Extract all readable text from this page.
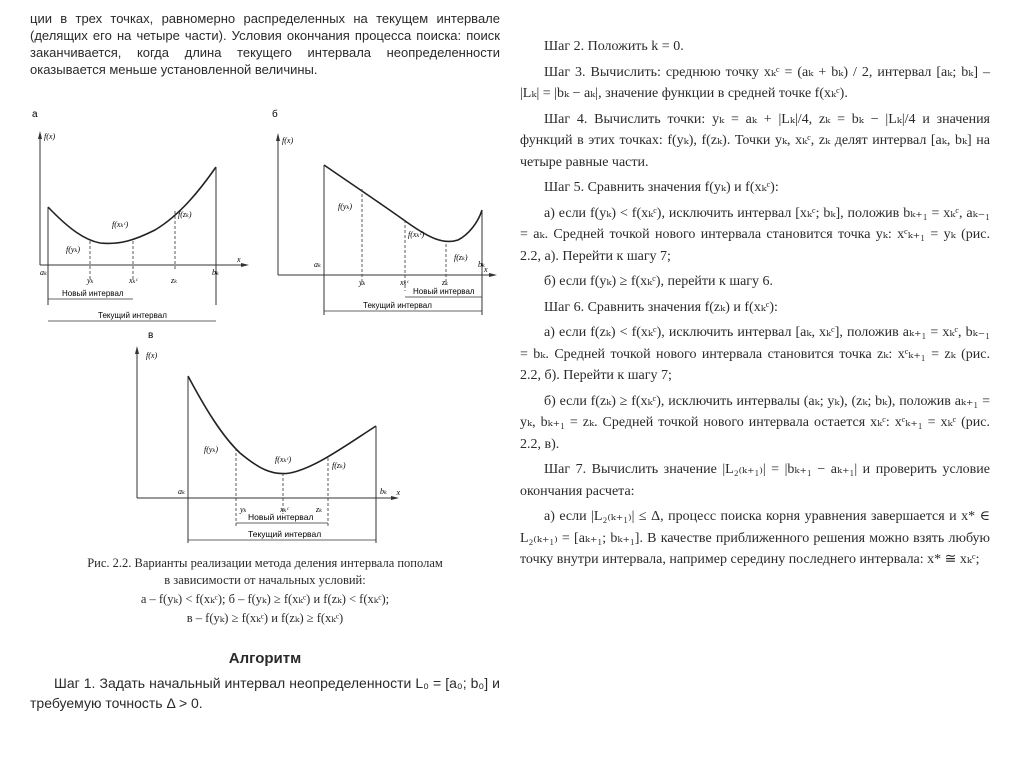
ции в трех точках, равномерно распределенных на текущем интервале (делящих его на четыре части). Условия окончания процесса поиска: поиск заканчивается, когда длина текущего интервала неопределенности оказывается меньше установленной величины.

а
f(x)
x
aₖ
yₖ	xₖᶜ	zₖ
bₖ
f(yₖ)
f(xₖᶜ)
f(zₖ)
Новый интервал
Текущий интервал
б
f(x)
x
aₖ
yₖ	xₖᶜ	zₖ
bₖ
f(yₖ)
f(xₖᶜ)
f(zₖ)
Новый интервал
Текущий интервал
в
f(x)
x
aₖ
yₖ	xₖᶜ	zₖ
bₖ
f(yₖ)
f(xₖᶜ)
f(zₖ)
Новый интервал
Текущий интервал
Рис. 2.2. Варианты реализации метода деления интервала пополам
в зависимости от начальных условий:
а – f(yₖ) < f(xₖᶜ); б – f(yₖ) ≥ f(xₖᶜ) и f(zₖ) < f(xₖᶜ);
в – f(yₖ) ≥ f(xₖᶜ) и f(zₖ) ≥ f(xₖᶜ)
Алгоритм

Шаг 1. Задать начальный интервал неопределенности L₀ = [a₀; b₀] и требуемую точность Δ > 0.

Шаг 2. Положить k = 0.

Шаг 3. Вычислить: среднюю точку xₖᶜ = (aₖ + bₖ) / 2, интервал [aₖ; bₖ] – |Lₖ| = |bₖ − aₖ|, значение функции в средней точке f(xₖᶜ).

Шаг 4. Вычислить точки: yₖ = aₖ + |Lₖ|/4, zₖ = bₖ − |Lₖ|/4 и значения функций в этих точках: f(yₖ), f(zₖ). Точки yₖ, xₖᶜ, zₖ делят интервал [aₖ, bₖ] на четыре равные части.

Шаг 5. Сравнить значения f(yₖ) и f(xₖᶜ):

а) если f(yₖ) < f(xₖᶜ), исключить интервал [xₖᶜ; bₖ], положив bₖ₊₁ = xₖᶜ, aₖ₋₁ = aₖ. Средней точкой нового интервала становится точка yₖ: xᶜₖ₊₁ = yₖ (рис. 2.2, а). Перейти к шагу 7;

б) если f(yₖ) ≥ f(xₖᶜ), перейти к шагу 6.

Шаг 6. Сравнить значения f(zₖ) и f(xₖᶜ):

а) если f(zₖ) < f(xₖᶜ), исключить интервал [aₖ, xₖᶜ], положив aₖ₊₁ = xₖᶜ, bₖ₋₁ = bₖ. Средней точкой нового интервала становится точка zₖ: xᶜₖ₊₁ = zₖ (рис. 2.2, б). Перейти к шагу 7;

б) если f(zₖ) ≥ f(xₖᶜ), исключить интервалы (aₖ; yₖ), (zₖ; bₖ), положив aₖ₊₁ = yₖ, bₖ₊₁ = zₖ. Средней точкой нового интервала остается xₖᶜ: xᶜₖ₊₁ = xₖᶜ (рис. 2.2, в).

Шаг 7. Вычислить значение |L₂₍ₖ₊₁₎| = |bₖ₊₁ − aₖ₊₁| и проверить условие окончания расчета:

а) если |L₂₍ₖ₊₁₎| ≤ Δ, процесс поиска корня уравнения завершается и x* ∈ L₂₍ₖ₊₁₎ = [aₖ₊₁; bₖ₊₁]. В качестве приближенного решения можно взять любую точку внутри интервала, например середину последнего интервала: x* ≅ xₖᶜ;
